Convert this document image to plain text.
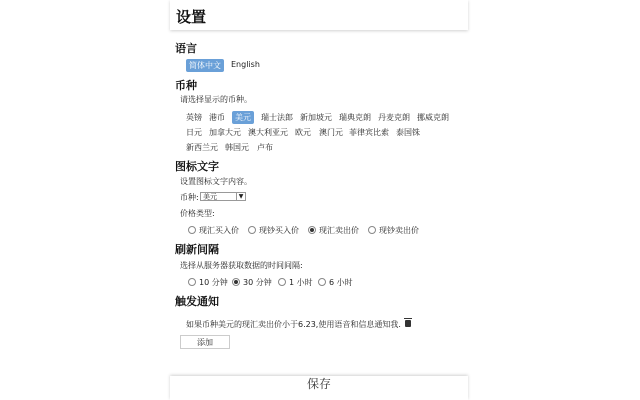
设置
语言
简体中文	English
币种
请选择显示的币种。
英镑 港币	美元	瑞士法郎 新加坡元 瑞典克朗 丹麦克朗 挪威克朗
日元 加拿大元 澳大利亚元 欧元	澳门元 菲律宾比索 泰国铢
新西兰元 韩国元	卢布
图标文字
设置图标文字内容。
币种: 美元	▼
价格类型:
现汇买入价	现钞买入价	现汇卖出价	现钞卖出价
刷新间隔
选择从服务器获取数据的时间间隔:
10 分钟	30 分钟	1 小时	6 小时
触发通知
如果币种美元的现汇卖出价小于6.23,使用语音和信息通知我.
添加
保存
